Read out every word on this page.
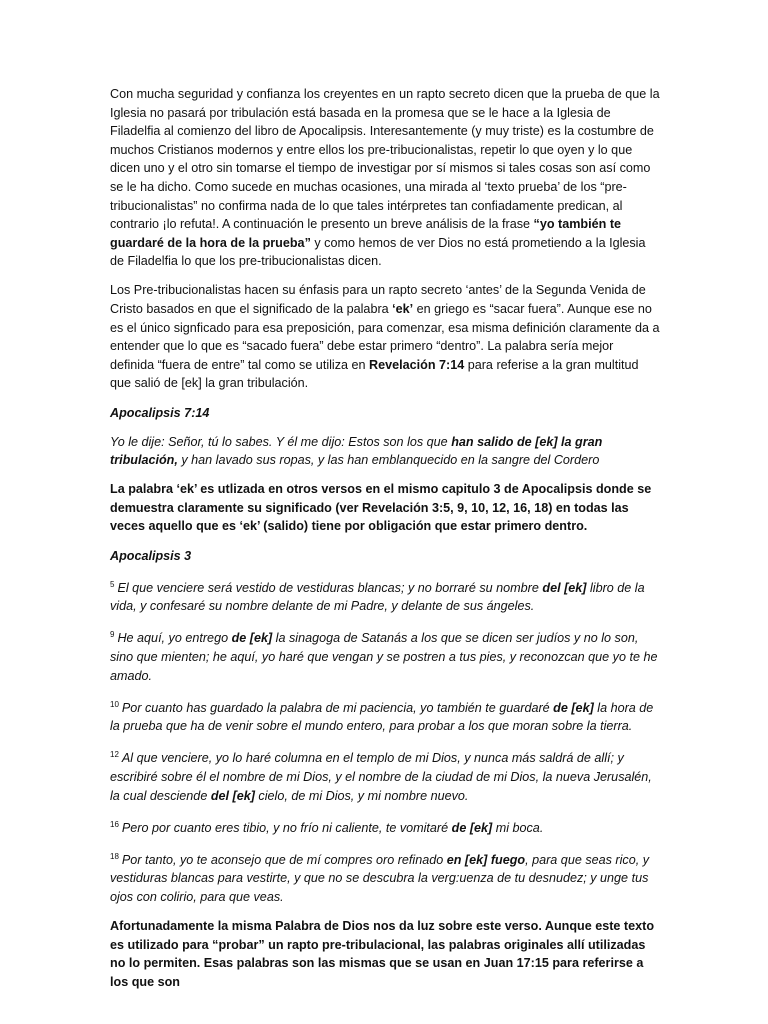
Con mucha seguridad y confianza los creyentes en un rapto secreto dicen que la prueba de que la Iglesia no pasará por tribulación está basada en la promesa que se le hace a la Iglesia de Filadelfia al comienzo del libro de Apocalipsis. Interesantemente (y muy triste) es la costumbre de muchos Cristianos modernos y entre ellos los pre-tribucionalistas, repetir lo que oyen y lo que dicen uno y el otro sin tomarse el tiempo de investigar por sí mismos si tales cosas son así como se le ha dicho. Como sucede en muchas ocasiones, una mirada al ‘texto prueba’ de los “pre-tribucionalistas” no confirma nada de lo que tales intérpretes tan confiadamente predican, al contrario ¡lo refuta!. A continuación le presento un breve análisis de la frase “yo también te guardaré de la hora de la prueba” y como hemos de ver Dios no está prometiendo a la Iglesia de Filadelfia lo que los pre-tribucionalistas dicen.

Los Pre-tribucionalistas hacen su énfasis para un rapto secreto ‘antes’ de la Segunda Venida de Cristo basados en que el significado de la palabra ‘ek’ en griego es “sacar fuera”. Aunque ese no es el único signficado para esa preposición, para comenzar, esa misma definición claramente da a entender que lo que es “sacado fuera” debe estar primero “dentro”. La palabra sería mejor definida “fuera de entre” tal como se utiliza en Revelación 7:14 para referise a la gran multitud que salió de [ek] la gran tribulación.

Apocalipsis 7:14

Yo le dije: Señor, tú lo sabes. Y él me dijo: Estos son los que han salido de [ek] la gran tribulación, y han lavado sus ropas, y las han emblanquecido en la sangre del Cordero

La palabra ‘ek’ es utlizada en otros versos en el mismo capitulo 3 de Apocalipsis donde se demuestra claramente su significado (ver Revelación 3:5, 9, 10, 12, 16, 18) en todas las veces aquello que es ‘ek’ (salido) tiene por obligación que estar primero dentro.

Apocalipsis 3

$^5$ El que venciere será vestido de vestiduras blancas; y no borraré su nombre del [ek] libro de la vida, y confesaré su nombre delante de mi Padre, y delante de sus ángeles.

$^9$ He aquí, yo entrego de [ek] la sinagoga de Satanás a los que se dicen ser judíos y no lo son, sino que mienten; he aquí, yo haré que vengan y se postren a tus pies, y reconozcan que yo te he amado.

$^{10}$ Por cuanto has guardado la palabra de mi paciencia, yo también te guardaré de [ek] la hora de la prueba que ha de venir sobre el mundo entero, para probar a los que moran sobre la tierra.

$^{12}$ Al que venciere, yo lo haré columna en el templo de mi Dios, y nunca más saldrá de allí; y escribiré sobre él el nombre de mi Dios, y el nombre de la ciudad de mi Dios, la nueva Jerusalén, la cual desciende del [ek] cielo, de mi Dios, y mi nombre nuevo.

$^{16}$ Pero por cuanto eres tibio, y no frío ni caliente, te vomitaré de [ek] mi boca.

$^{18}$ Por tanto, yo te aconsejo que de mí compres oro refinado en [ek] fuego, para que seas rico, y vestiduras blancas para vestirte, y que no se descubra la verg:uenza de tu desnudez; y unge tus ojos con colirio, para que veas.

Afortunadamente la misma Palabra de Dios nos da luz sobre este verso. Aunque este texto es utilizado para “probar” un rapto pre-tribulacional, las palabras originales allí utilizadas no lo permiten. Esas palabras son las mismas que se usan en Juan 17:15 para referirse a los que son
